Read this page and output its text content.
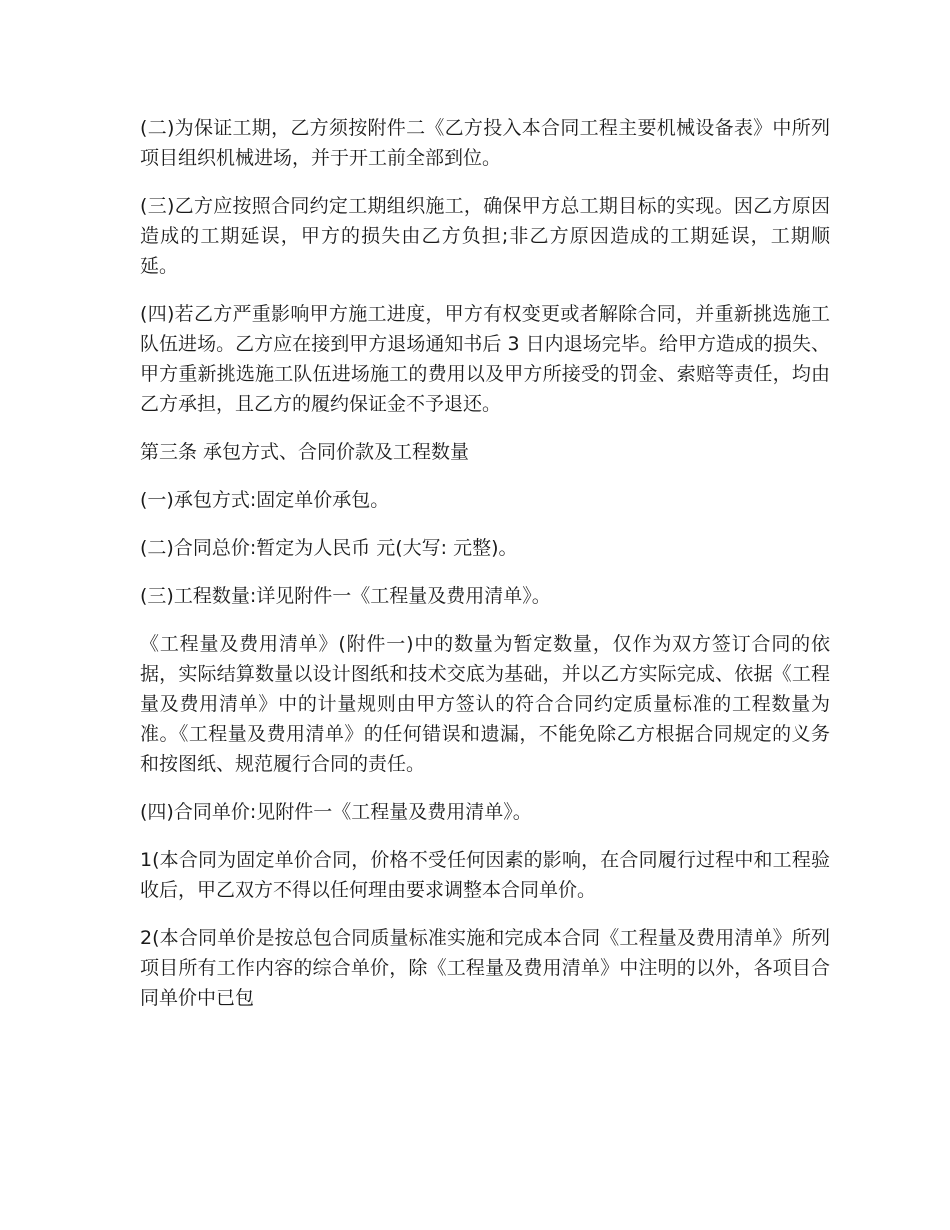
(二)为保证工期，乙方须按附件二《乙方投入本合同工程主要机械设备表》中所列项目组织机械进场，并于开工前全部到位。

(三)乙方应按照合同约定工期组织施工，确保甲方总工期目标的实现。因乙方原因造成的工期延误，甲方的损失由乙方负担;非乙方原因造成的工期延误，工期顺延。

(四)若乙方严重影响甲方施工进度，甲方有权变更或者解除合同，并重新挑选施工队伍进场。乙方应在接到甲方退场通知书后 3 日内退场完毕。给甲方造成的损失、甲方重新挑选施工队伍进场施工的费用以及甲方所接受的罚金、索赔等责任，均由乙方承担，且乙方的履约保证金不予退还。

第三条 承包方式、合同价款及工程数量

(一)承包方式:固定单价承包。

(二)合同总价:暂定为人民币 元(大写: 元整)。

(三)工程数量:详见附件一《工程量及费用清单》。

《工程量及费用清单》(附件一)中的数量为暂定数量，仅作为双方签订合同的依据，实际结算数量以设计图纸和技术交底为基础，并以乙方实际完成、依据《工程量及费用清单》中的计量规则由甲方签认的符合合同约定质量标准的工程数量为准。《工程量及费用清单》的任何错误和遗漏，不能免除乙方根据合同规定的义务和按图纸、规范履行合同的责任。

(四)合同单价:见附件一《工程量及费用清单》。

1(本合同为固定单价合同，价格不受任何因素的影响，在合同履行过程中和工程验收后，甲乙双方不得以任何理由要求调整本合同单价。

2(本合同单价是按总包合同质量标准实施和完成本合同《工程量及费用清单》所列项目所有工作内容的综合单价，除《工程量及费用清单》中注明的以外，各项目合同单价中已包
